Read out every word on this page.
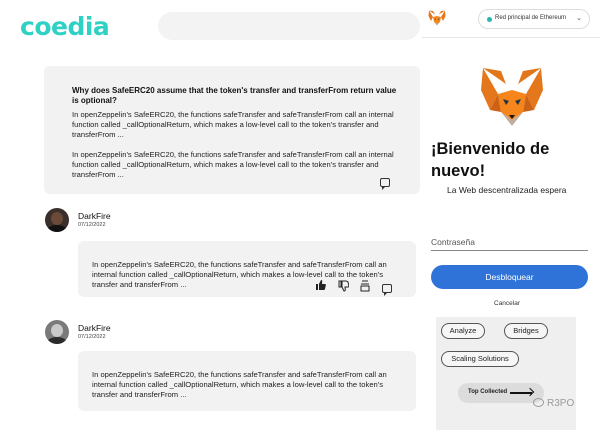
coedia
Why does SafeERC20 assume that the token's transfer and transferFrom return value is optional?
In openZeppelin's SafeERC20, the functions safeTransfer and safeTransferFrom call an internal function called _callOptionalReturn, which makes a low-level call to the token's transfer and transferFrom ...
In openZeppelin's SafeERC20, the functions safeTransfer and safeTransferFrom call an internal function called _callOptionalReturn, which makes a low-level call to the token's transfer and transferFrom ...
DarkFire
07/12/2022
In openZeppelin's SafeERC20, the functions safeTransfer and safeTransferFrom call an internal function called _callOptionalReturn, which makes a low-level call to the token's transfer and transferFrom ...
DarkFire
07/12/2022
In openZeppelin's SafeERC20, the functions safeTransfer and safeTransferFrom call an internal function called _callOptionalReturn, which makes a low-level call to the token's transfer and transferFrom ...
Red principal de Ethereum ⌄
¡Bienvenido de nuevo!
La Web descentralizada espera
Contraseña
Desbloquear
Cancelar
Analyze	Bridges
Scaling Solutions
Top Collected
R3PO
